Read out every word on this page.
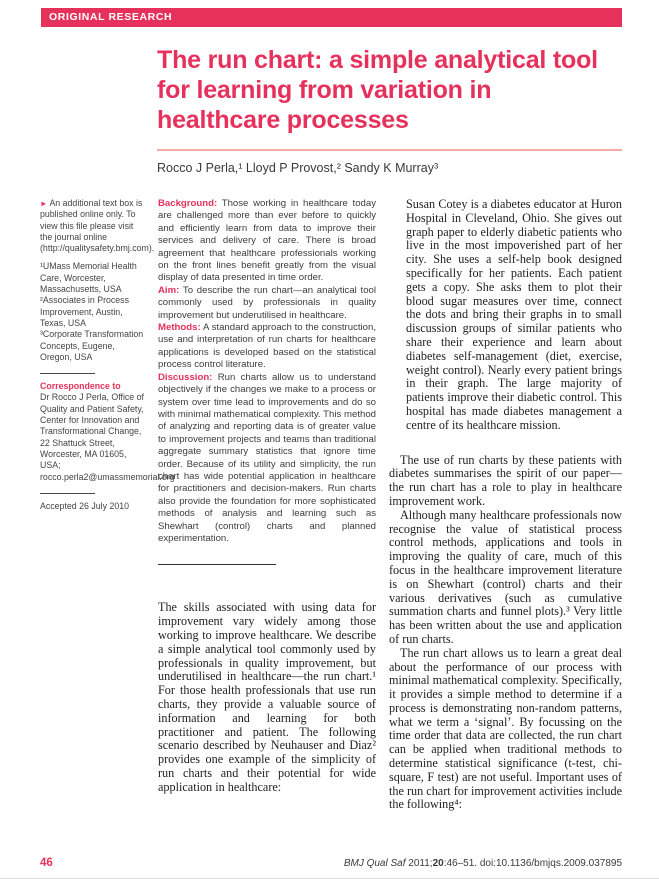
ORIGINAL RESEARCH
The run chart: a simple analytical tool
for learning from variation in
healthcare processes
Rocco J Perla,¹ Lloyd P Provost,² Sandy K Murray³

► An additional text box is published online only. To view this file please visit the journal online (http://qualitysafety.bmj.com).

¹UMass Memorial Health Care, Worcester, Massachusetts, USA
²Associates in Process Improvement, Austin, Texas, USA
³Corporate Transformation Concepts, Eugene, Oregon, USA
Correspondence to
Dr Rocco J Perla, Office of Quality and Patient Safety, Center for Innovation and Transformational Change, 22 Shattuck Street, Worcester, MA 01605, USA; rocco.perla2@umassmemorial.org
Accepted 26 July 2010

Background: Those working in healthcare today are challenged more than ever before to quickly and efficiently learn from data to improve their services and delivery of care. There is broad agreement that healthcare professionals working on the front lines benefit greatly from the visual display of data presented in time order.

Aim: To describe the run chart—an analytical tool commonly used by professionals in quality improvement but underutilised in healthcare.

Methods: A standard approach to the construction, use and interpretation of run charts for healthcare applications is developed based on the statistical process control literature.

Discussion: Run charts allow us to understand objectively if the changes we make to a process or system over time lead to improvements and do so with minimal mathematical complexity. This method of analyzing and reporting data is of greater value to improvement projects and teams than traditional aggregate summary statistics that ignore time order. Because of its utility and simplicity, the run chart has wide potential application in healthcare for practitioners and decision-makers. Run charts also provide the foundation for more sophisticated methods of analysis and learning such as Shewhart (control) charts and planned experimentation.

The skills associated with using data for improvement vary widely among those working to improve healthcare. We describe a simple analytical tool commonly used by professionals in quality improvement, but underutilised in healthcare—the run chart.¹ For those health professionals that use run charts, they provide a valuable source of information and learning for both practitioner and patient. The following scenario described by Neuhauser and Diaz² provides one example of the simplicity of run charts and their potential for wide application in healthcare:

Susan Cotey is a diabetes educator at Huron Hospital in Cleveland, Ohio. She gives out graph paper to elderly diabetic patients who live in the most impoverished part of her city. She uses a self-help book designed specifically for her patients. Each patient gets a copy. She asks them to plot their blood sugar measures over time, connect the dots and bring their graphs in to small discussion groups of similar patients who share their experience and learn about diabetes self-management (diet, exercise, weight control). Nearly every patient brings in their graph. The large majority of patients improve their diabetic control. This hospital has made diabetes management a centre of its healthcare mission.

The use of run charts by these patients with diabetes summarises the spirit of our paper—the run chart has a role to play in healthcare improvement work.

Although many healthcare professionals now recognise the value of statistical process control methods, applications and tools in improving the quality of care, much of this focus in the healthcare improvement literature is on Shewhart (control) charts and their various derivatives (such as cumulative summation charts and funnel plots).³ Very little has been written about the use and application of run charts.

The run chart allows us to learn a great deal about the performance of our process with minimal mathematical complexity. Specifically, it provides a simple method to determine if a process is demonstrating non-random patterns, what we term a ‘signal’. By focussing on the time order that data are collected, the run chart can be applied when traditional methods to determine statistical significance (t-test, chi-square, F test) are not useful. Important uses of the run chart for improvement activities include the following⁴:

46	BMJ Qual Saf 2011;20:46–51. doi:10.1136/bmjqs.2009.037895
